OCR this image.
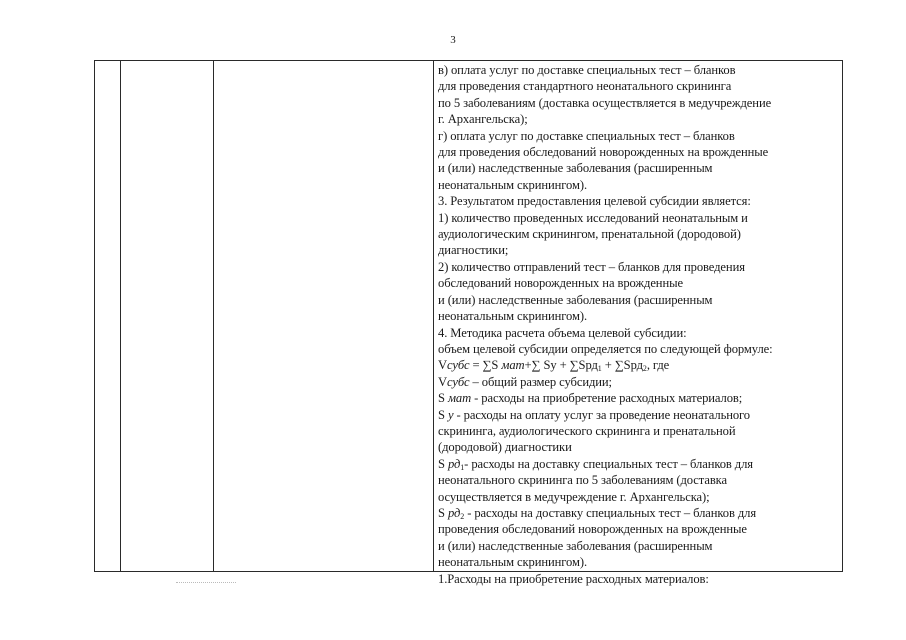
3
в) оплата услуг по доставке специальных тест – бланков
для проведения стандартного неонатального скрининга
по 5 заболеваниям (доставка осуществляется в медучреждение
г. Архангельска);
г) оплата услуг по доставке специальных тест – бланков
для проведения обследований новорожденных на врожденные
и (или) наследственные заболевания (расширенным
неонатальным скринингом).
3. Результатом предоставления целевой субсидии является:
1) количество проведенных исследований неонатальным и
аудиологическим скринингом, пренатальной (дородовой)
диагностики;
2) количество отправлений тест – бланков для проведения
обследований новорожденных на врожденные
и (или) наследственные заболевания (расширенным
неонатальным скринингом).
4. Методика расчета объема целевой субсидии:
объем целевой субсидии определяется по следующей формуле:
Vсубс = ∑S мат+∑ Sу + ∑Sрд$_1$ + ∑Sрд$_2$, где
Vсубс – общий размер субсидии;
S мат - расходы на приобретение расходных материалов;
S у - расходы на оплату услуг за проведение неонатального
скрининга, аудиологического скрининга и пренатальной
(дородовой) диагностики
S $рд_1-$ расходы на доставку специальных тест – бланков для
неонатального скрининга по 5 заболеваниям (доставка
осуществляется в медучреждение г. Архангельска);
S $рд_2$ - расходы на доставку специальных тест – бланков для
проведения обследований новорожденных на врожденные
и (или) наследственные заболевания (расширенным
неонатальным скринингом).
1.Расходы на приобретение расходных материалов:
